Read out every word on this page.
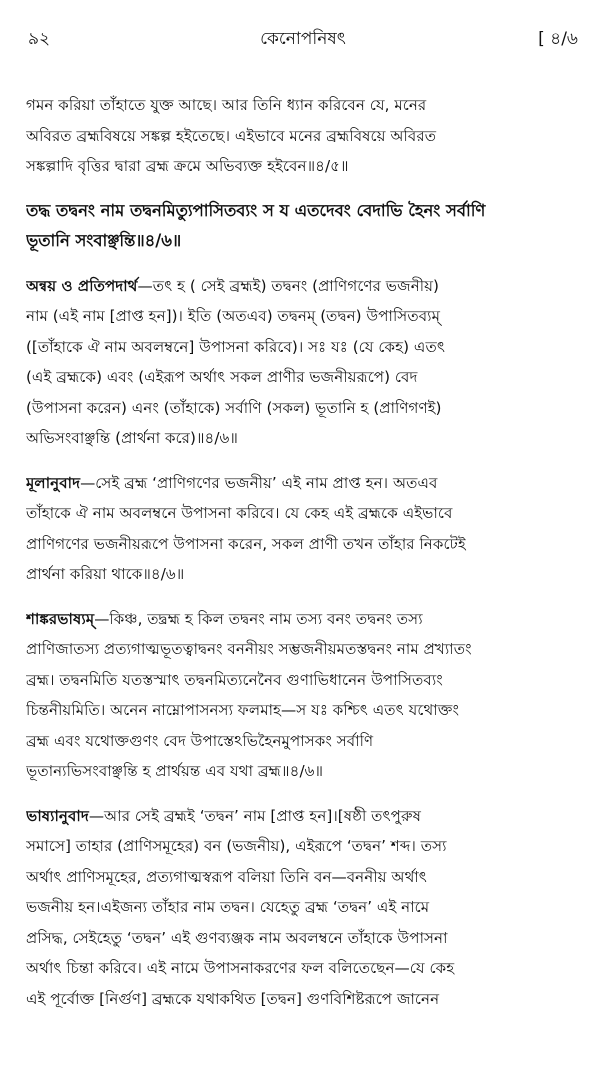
৯২	কেনোপনিষৎ	[ ৪/৬
গমন করিয়া তাঁহাতে যুক্ত আছে। আর তিনি ধ্যান করিবেন যে, মনের
অবিরত ব্রহ্মবিষয়ে সঙ্কল্প হইতেছে। এইভাবে মনের ব্রহ্মবিষয়ে অবিরত
সঙ্কল্পাদি বৃত্তির দ্বারা ব্রহ্ম ক্রমে অভিব্যক্ত হইবেন॥৪/৫॥
তদ্ধ তদ্বনং নাম তদ্বনমিত্যুপাসিতব্যং স য এতদেবং বেদাভি হৈনং সর্বাণি
ভূতানি সংবাঞ্ছন্তি॥৪/৬॥
অন্বয় ও প্রতিপদার্থ—তৎ হ ( সেই ব্রহ্মই) তদ্বনং (প্রাণিগণের ভজনীয়)
নাম (এই নাম [প্রাপ্ত হন])। ইতি (অতএব) তদ্বনম্ (তদ্বন) উপাসিতব্যম্
([তাঁহাকে ঐ নাম অবলম্বনে] উপাসনা করিবে)। সঃ যঃ (যে কেহ) এতৎ
(এই ব্রহ্মকে) এবং (এইরূপ অর্থাৎ সকল প্রাণীর ভজনীয়রূপে) বেদ
(উপাসনা করেন) এনং (তাঁহাকে) সর্বাণি (সকল) ভূতানি হ (প্রাণিগণই)
অভিসংবাঞ্ছন্তি (প্রার্থনা করে)॥৪/৬॥
মূলানুবাদ—সেই ব্রহ্ম ‘প্রাণিগণের ভজনীয়’ এই নাম প্রাপ্ত হন। অতএব
তাঁহাকে ঐ নাম অবলম্বনে উপাসনা করিবে। যে কেহ এই ব্রহ্মকে এইভাবে
প্রাণিগণের ভজনীয়রূপে উপাসনা করেন, সকল প্রাণী তখন তাঁহার নিকটেই
প্রার্থনা করিয়া থাকে॥৪/৬॥
শাঙ্করভাষ্যম্—কিঞ্চ, তদ্ব্রহ্ম হ কিল তদ্বনং নাম তস্য বনং তদ্বনং তস্য
প্রাণিজাতস্য প্রত্যগাত্মভূতত্বাদ্বনং বননীয়ং সম্ভজনীয়মতস্তদ্বনং নাম প্রখ্যাতং
ব্রহ্ম। তদ্বনমিতি যতস্তস্মাৎ তদ্বনমিত্যনেনৈব গুণাভিধানেন উপাসিতব্যং
চিন্তনীয়মিতি। অনেন নাম্নোপাসনস্য ফলমাহ—স যঃ কশ্চিৎ এতৎ যথোক্তং
ব্রহ্ম এবং যথোক্তগুণং বেদ উপাস্তেঽভিহৈনমুপাসকং সর্বাণি
ভূতান্যভিসংবাঞ্ছন্তি হ প্রার্থয়ন্ত এব যথা ব্রহ্ম॥৪/৬॥
ভাষ্যানুবাদ—আর সেই ব্রহ্মই ‘তদ্বন’ নাম [প্রাপ্ত হন]।[ষষ্ঠী তৎপুরুষ
সমাসে] তাহার (প্রাণিসমূহের) বন (ভজনীয়), এইরূপে ‘তদ্বন’ শব্দ। তস্য
অর্থাৎ প্রাণিসমূহের, প্রত্যগাত্মস্বরূপ বলিয়া তিনি বন—বননীয় অর্থাৎ
ভজনীয় হন।এইজন্য তাঁহার নাম তদ্বন। যেহেতু ব্রহ্ম ‘তদ্বন’ এই নামে
প্রসিদ্ধ, সেইহেতু ‘তদ্বন’ এই গুণব্যঞ্জক নাম অবলম্বনে তাঁহাকে উপাসনা
অর্থাৎ চিন্তা করিবে। এই নামে উপাসনাকরণের ফল বলিতেছেন—যে কেহ
এই পূর্বোক্ত [নির্গুণ] ব্রহ্মকে যথাকথিত [তদ্বন] গুণবিশিষ্টরূপে জানেন
